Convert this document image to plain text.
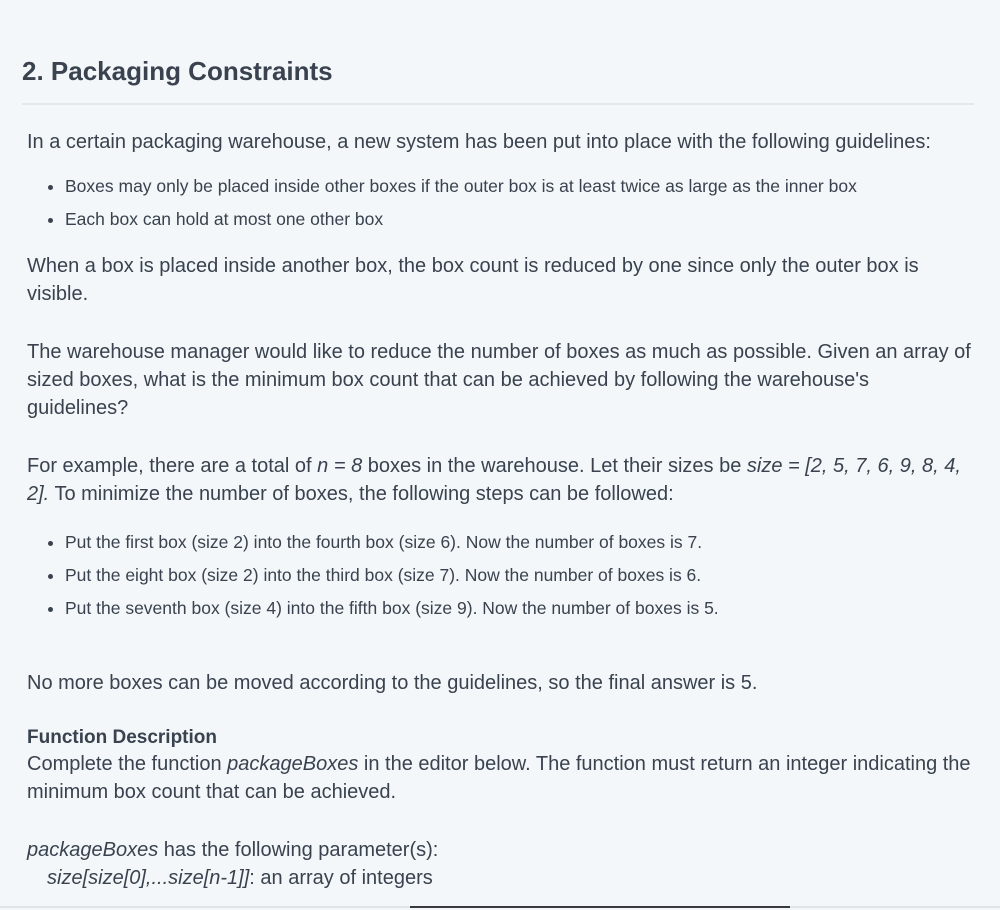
2. Packaging Constraints

In a certain packaging warehouse, a new system has been put into place with the following guidelines:

• Boxes may only be placed inside other boxes if the outer box is at least twice as large as the inner box
• Each box can hold at most one other box

When a box is placed inside another box, the box count is reduced by one since only the outer box is visible.

The warehouse manager would like to reduce the number of boxes as much as possible. Given an array of sized boxes, what is the minimum box count that can be achieved by following the warehouse's guidelines?

For example, there are a total of n = 8 boxes in the warehouse. Let their sizes be size = [2, 5, 7, 6, 9, 8, 4, 2]. To minimize the number of boxes, the following steps can be followed:

• Put the first box (size 2) into the fourth box (size 6). Now the number of boxes is 7.
• Put the eight box (size 2) into the third box (size 7). Now the number of boxes is 6.
• Put the seventh box (size 4) into the fifth box (size 9). Now the number of boxes is 5.

No more boxes can be moved according to the guidelines, so the final answer is 5.

Function Description

Complete the function packageBoxes in the editor below. The function must return an integer indicating the minimum box count that can be achieved.

packageBoxes has the following parameter(s):

size[size[0],...size[n-1]]: an array of integers
